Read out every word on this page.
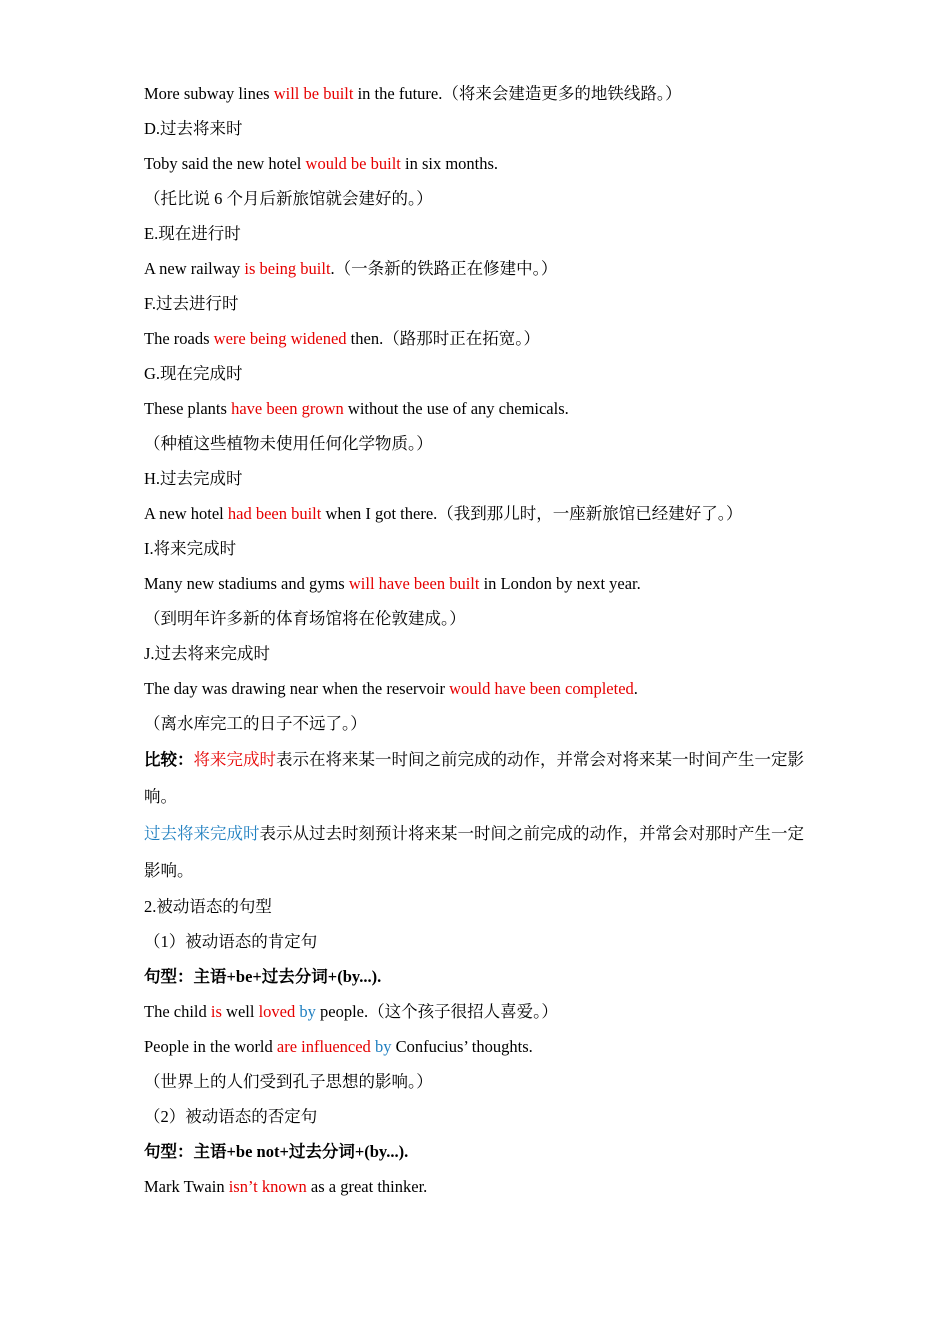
More subway lines will be built in the future.（将来会建造更多的地铁线路。）
D.过去将来时
Toby said the new hotel would be built in six months.
（托比说 6 个月后新旅馆就会建好的。）
E.现在进行时
A new railway is being built.（一条新的铁路正在修建中。）
F.过去进行时
The roads were being widened then.（路那时正在拓宽。）
G.现在完成时
These plants have been grown without the use of any chemicals.
（种植这些植物未使用任何化学物质。）
H.过去完成时
A new hotel had been built when I got there.（我到那儿时，一座新旅馆已经建好了。）
I.将来完成时
Many new stadiums and gyms will have been built in London by next year.
（到明年许多新的体育场馆将在伦敦建成。）
J.过去将来完成时
The day was drawing near when the reservoir would have been completed.
（离水库完工的日子不远了。）
比较：将来完成时表示在将来某一时间之前完成的动作，并常会对将来某一时间产生一定影响。
过去将来完成时表示从过去时刻预计将来某一时间之前完成的动作，并常会对那时产生一定影响。
2.被动语态的句型
（1）被动语态的肯定句
句型：主语+be+过去分词+(by...).
The child is well loved by people.（这个孩子很招人喜爱。）
People in the world are influenced by Confucius’ thoughts.
（世界上的人们受到孔子思想的影响。）
（2）被动语态的否定句
句型：主语+be not+过去分词+(by...).
Mark Twain isn’t known as a great thinker.
